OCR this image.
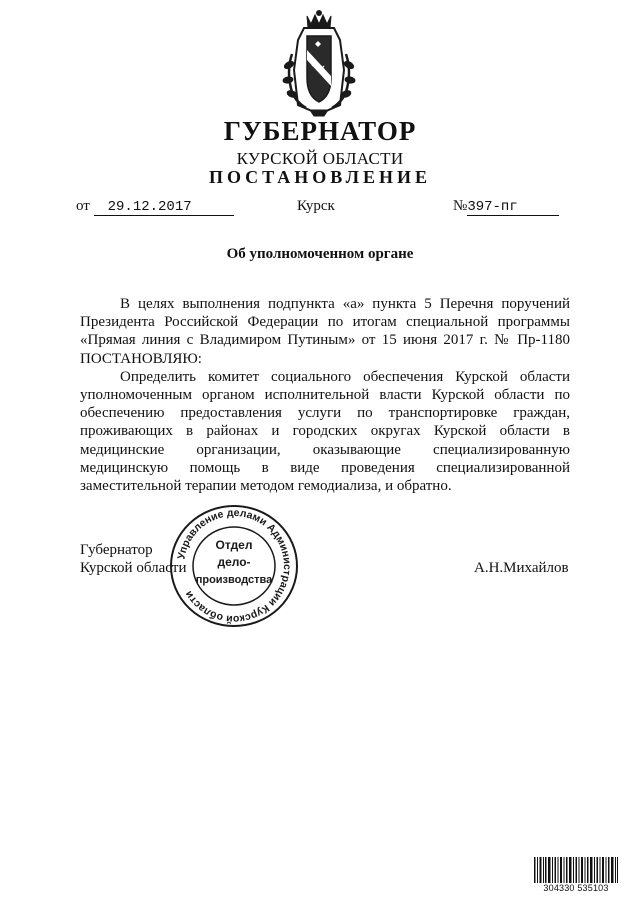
ГУБЕРНАТОР
КУРСКОЙ ОБЛАСТИ
ПОСТАНОВЛЕНИЕ
от 29.12.2017	Курск	№397-пг
Об уполномоченном органе

В целях выполнения подпункта «а» пункта 5 Перечня поручений Президента Российской Федерации по итогам специальной программы «Прямая линия с Владимиром Путиным» от 15 июня 2017 г. № Пр-1180 ПОСТАНОВЛЯЮ:

Определить комитет социального обеспечения Курской области уполномоченным органом исполнительной власти Курской области по обеспечению предоставления услуги по транспортировке граждан, проживающих в районах и городских округах Курской области в медицинские организации, оказывающие специализированную медицинскую помощь в виде проведения специализированной заместительной терапии методом гемодиализа, и обратно.

Губернатор
Курской области	А.Н.Михайлов
Управление делами Администрации Курской области
Отдел
дело-
производства
304330 535103
